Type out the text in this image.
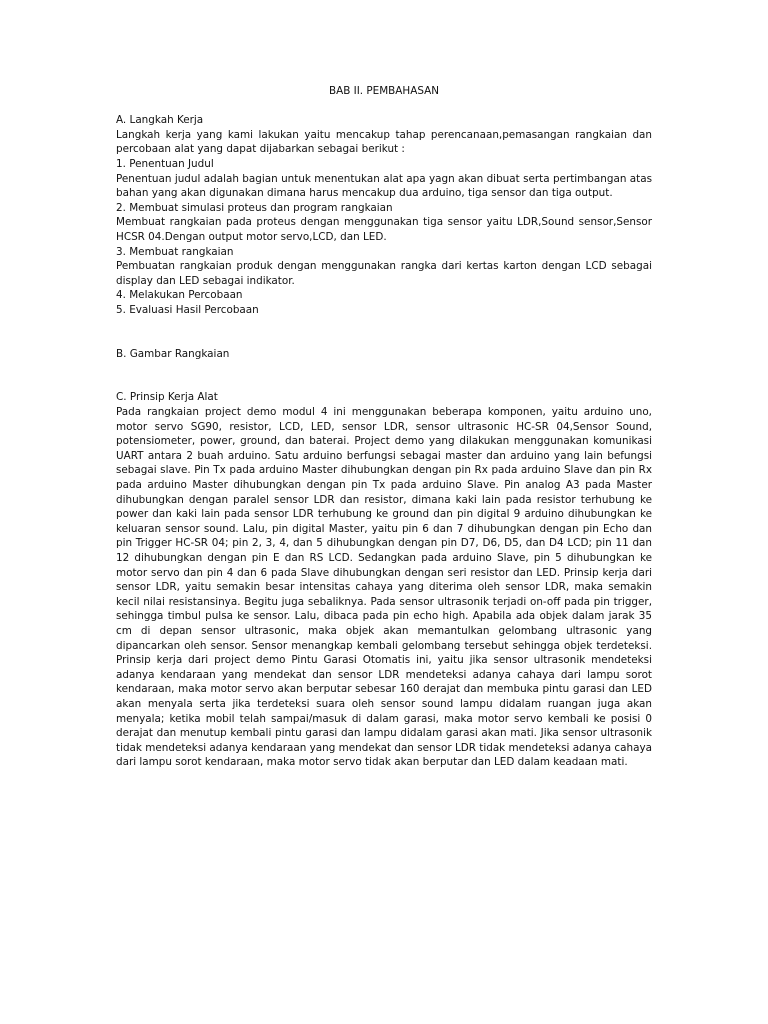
BAB II. PEMBAHASAN

A. Langkah Kerja

Langkah kerja yang kami lakukan yaitu mencakup tahap perencanaan,pemasangan rangkaian dan percobaan alat yang dapat dijabarkan sebagai berikut :

1. Penentuan Judul

Penentuan judul adalah bagian untuk menentukan alat apa yagn akan dibuat serta pertimbangan atas bahan yang akan digunakan dimana harus mencakup dua arduino, tiga sensor dan tiga output.

2. Membuat simulasi proteus dan program rangkaian

Membuat rangkaian pada proteus dengan menggunakan tiga sensor yaitu LDR,Sound sensor,Sensor HCSR 04.Dengan output motor servo,LCD, dan LED.

3. Membuat rangkaian

Pembuatan rangkaian produk dengan menggunakan rangka dari kertas karton dengan LCD sebagai display dan LED sebagai indikator.

4. Melakukan Percobaan

5. Evaluasi Hasil Percobaan

B. Gambar Rangkaian

C. Prinsip Kerja Alat

Pada rangkaian project demo modul 4 ini menggunakan beberapa komponen, yaitu arduino uno, motor servo SG90, resistor, LCD, LED, sensor LDR, sensor ultrasonic HC-SR 04,Sensor Sound, potensiometer, power, ground, dan baterai. Project demo yang dilakukan menggunakan komunikasi UART antara 2 buah arduino. Satu arduino berfungsi sebagai master dan arduino yang lain befungsi sebagai slave. Pin Tx pada arduino Master dihubungkan dengan pin Rx pada arduino Slave dan pin Rx pada arduino Master dihubungkan dengan pin Tx pada arduino Slave. Pin analog A3 pada Master dihubungkan dengan paralel sensor LDR dan resistor, dimana kaki lain pada resistor terhubung ke power dan kaki lain pada sensor LDR terhubung ke ground dan pin digital 9 arduino dihubungkan ke keluaran sensor sound. Lalu, pin digital Master, yaitu pin 6 dan 7 dihubungkan dengan pin Echo dan pin Trigger HC-SR 04; pin 2, 3, 4, dan 5 dihubungkan dengan pin D7, D6, D5, dan D4 LCD; pin 11 dan 12 dihubungkan dengan pin E dan RS LCD. Sedangkan pada arduino Slave, pin 5 dihubungkan ke motor servo dan pin 4 dan 6 pada Slave dihubungkan dengan seri resistor dan LED. Prinsip kerja dari sensor LDR, yaitu semakin besar intensitas cahaya yang diterima oleh sensor LDR, maka semakin kecil nilai resistansinya. Begitu juga sebaliknya. Pada sensor ultrasonik terjadi on-off pada pin trigger, sehingga timbul pulsa ke sensor. Lalu, dibaca pada pin echo high. Apabila ada objek dalam jarak 35 cm di depan sensor ultrasonic, maka objek akan memantulkan gelombang ultrasonic yang dipancarkan oleh sensor. Sensor menangkap kembali gelombang tersebut sehingga objek terdeteksi. Prinsip kerja dari project demo Pintu Garasi Otomatis ini, yaitu jika sensor ultrasonik mendeteksi adanya kendaraan yang mendekat dan sensor LDR mendeteksi adanya cahaya dari lampu sorot kendaraan, maka motor servo akan berputar sebesar 160 derajat dan membuka pintu garasi dan LED akan menyala serta jika terdeteksi suara oleh sensor sound lampu didalam ruangan juga akan menyala; ketika mobil telah sampai/masuk di dalam garasi, maka motor servo kembali ke posisi 0 derajat dan menutup kembali pintu garasi dan lampu didalam garasi akan mati. Jika sensor ultrasonik tidak mendeteksi adanya kendaraan yang mendekat dan sensor LDR tidak mendeteksi adanya cahaya dari lampu sorot kendaraan, maka motor servo tidak akan berputar dan LED dalam keadaan mati.
